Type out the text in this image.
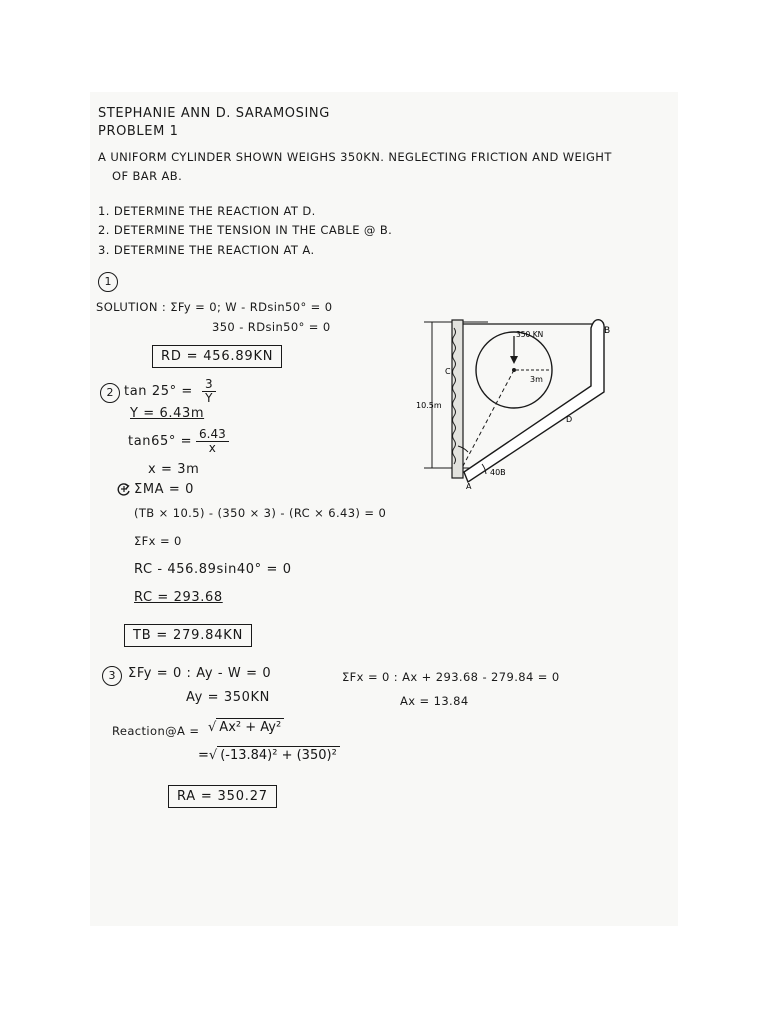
STEPHANIE ANN D. SARAMOSING
PROBLEM 1
A UNIFORM CYLINDER SHOWN WEIGHS 350KN. NEGLECTING FRICTION AND WEIGHT
OF BAR AB.
1. DETERMINE THE REACTION AT D.
2. DETERMINE THE TENSION IN THE CABLE @ B.
3. DETERMINE THE REACTION AT A.
1
SOLUTION : ΣFy = 0; W - RDsin50° = 0
350 - RDsin50° = 0
RD = 456.89KN
2 $\tan 25^\circ = \frac{3}{Y}$
Y = 6.43m
$\tan 65^\circ = \frac{6.43}{x}$
x = 3m
ΣMA = 0
(TB × 10.5) - (350 × 3) - (RC × 6.43) = 0
ΣFx = 0
RC - 456.89sin40° = 0
RC = 293.68
TB = 279.84KN
3 ΣFy = 0 : Ay - W = 0
Ay = 350KN
ΣFx = 0 : Ax + 293.68 - 279.84 = 0
Ax = 13.84
Reaction@A = √ Ax² + Ay²
=√ (-13.84)² + (350)²
RA = 350.27
10.5m
C
B
D
A
350 KN
3m
40B
